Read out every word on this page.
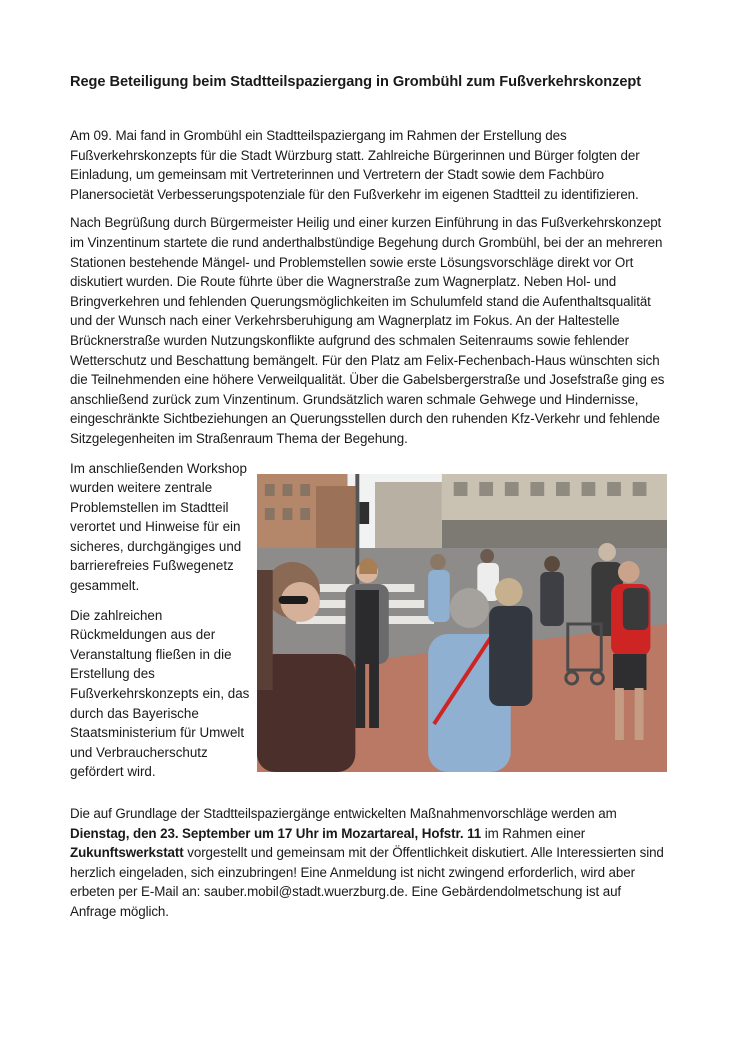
Rege Beteiligung beim Stadtteilspaziergang in Grombühl zum Fußverkehrskonzept

Am 09. Mai fand in Grombühl ein Stadtteilspaziergang im Rahmen der Erstellung des Fußverkehrskonzepts für die Stadt Würzburg statt. Zahlreiche Bürgerinnen und Bürger folgten der Einladung, um gemeinsam mit Vertreterinnen und Vertretern der Stadt sowie dem Fachbüro Planersocietät Verbesserungspotenziale für den Fußverkehr im eigenen Stadtteil zu identifizieren.

Nach Begrüßung durch Bürgermeister Heilig und einer kurzen Einführung in das Fußverkehrskonzept im Vinzentinum startete die rund anderthalbstündige Begehung durch Grombühl, bei der an mehreren Stationen bestehende Mängel- und Problemstellen sowie erste Lösungsvorschläge direkt vor Ort diskutiert wurden. Die Route führte über die Wagnerstraße zum Wagnerplatz. Neben Hol- und Bringverkehren und fehlenden Querungsmöglichkeiten im Schulumfeld stand die Aufenthaltsqualität und der Wunsch nach einer Verkehrsberuhigung am Wagnerplatz im Fokus. An der Haltestelle Brücknerstraße wurden Nutzungskonflikte aufgrund des schmalen Seitenraums sowie fehlender Wetterschutz und Beschattung bemängelt. Für den Platz am Felix-Fechenbach-Haus wünschten sich die Teilnehmenden eine höhere Verweilqualität. Über die Gabelsbergerstraße und Josefstraße ging es anschließend zurück zum Vinzentinum. Grundsätzlich waren schmale Gehwege und Hindernisse, eingeschränkte Sichtbeziehungen an Querungsstellen durch den ruhenden Kfz-Verkehr und fehlende Sitzgelegenheiten im Straßenraum Thema der Begehung.

Im anschließenden Workshop wurden weitere zentrale Problemstellen im Stadtteil verortet und Hinweise für ein sicheres, durchgängiges und barrierefreies Fußwegenetz gesammelt.

Die zahlreichen Rückmeldungen aus der Veranstaltung fließen in die Erstellung des Fußverkehrskonzepts ein, das durch das Bayerische Staatsministerium für Umwelt und Verbraucherschutz gefördert wird.

Die auf Grundlage der Stadtteilspaziergänge entwickelten Maßnahmenvorschläge werden am Dienstag, den 23. September um 17 Uhr im Mozartareal, Hofstr. 11 im Rahmen einer Zukunftswerkstatt vorgestellt und gemeinsam mit der Öffentlichkeit diskutiert. Alle Interessierten sind herzlich eingeladen, sich einzubringen! Eine Anmeldung ist nicht zwingend erforderlich, wird aber erbeten per E-Mail an: sauber.mobil@stadt.wuerzburg.de. Eine Gebärdendolmetschung ist auf Anfrage möglich.
